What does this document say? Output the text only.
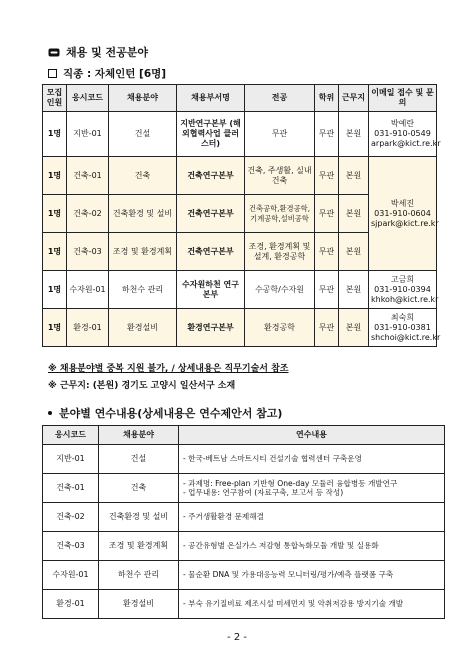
채용 및 전공분야
직종 : 자체인턴 [6명]
모집 인원	응시코드	채용분야	채용부서명	전공	학위	근무지	이메일 접수 및 문의
1명	지반-01	건설	지반연구본부 (해외협력사업 클러스터)	무관	무관	본원	박예란
031-910-0549
arpark@kict.re.kr
1명	건축-01	건축	건축연구본부	건축, 주생활, 실내건축	무관	본원	박세진
031-910-0604
sjpark@kict.re.kr
1명	건축-02	건축환경 및 설비	건축연구본부	건축공학,환경공학, 기계공학,설비공학	무관	본원	
1명	건축-03	조경 및 환경계획	건축연구본부	조경, 환경계획 및 설계, 환경공학	무관	본원	
1명	수자원-01	하천수 관리	수자원하천 연구본부	수공학/수자원	무관	본원	고금희
031-910-0394
khkoh@kict.re.kr
1명	환경-01	환경설비	환경연구본부	환경공학	무관	본원	최숙희
031-910-0381
shchoi@kict.re.kr
※ 채용분야별 중복 지원 불가, / 상세내용은 직무기술서 참조
※ 근무지: (본원) 경기도 고양시 일산서구 소재
분야별 연수내용(상세내용은 연수제안서 참고)
응시코드	채용분야	연수내용
지반-01	건설	- 한국-베트남 스마트시티 건설기술 협력센터 구축운영
건축-01	건축	- 과제명: Free-plan 기반형 One-day 모듈러 융합병동 개발연구
- 업무내용: 연구참여 (자료구축, 보고서 등 작성)
건축-02	건축환경 및 설비	- 주거생활환경 문제해결
건축-03	조경 및 환경계획	- 공간유형별 온실가스 저감형 통합녹화모듈 개발 및 실용화
수자원-01	하천수 관리	- 물순환 DNA 및 가용대응능력 모니터링/평가/예측 플랫폼 구축
환경-01	환경설비	- 부숙 유기질비료 제조시설 미세먼지 및 악취저감용 방지기술 개발
- 2 -
